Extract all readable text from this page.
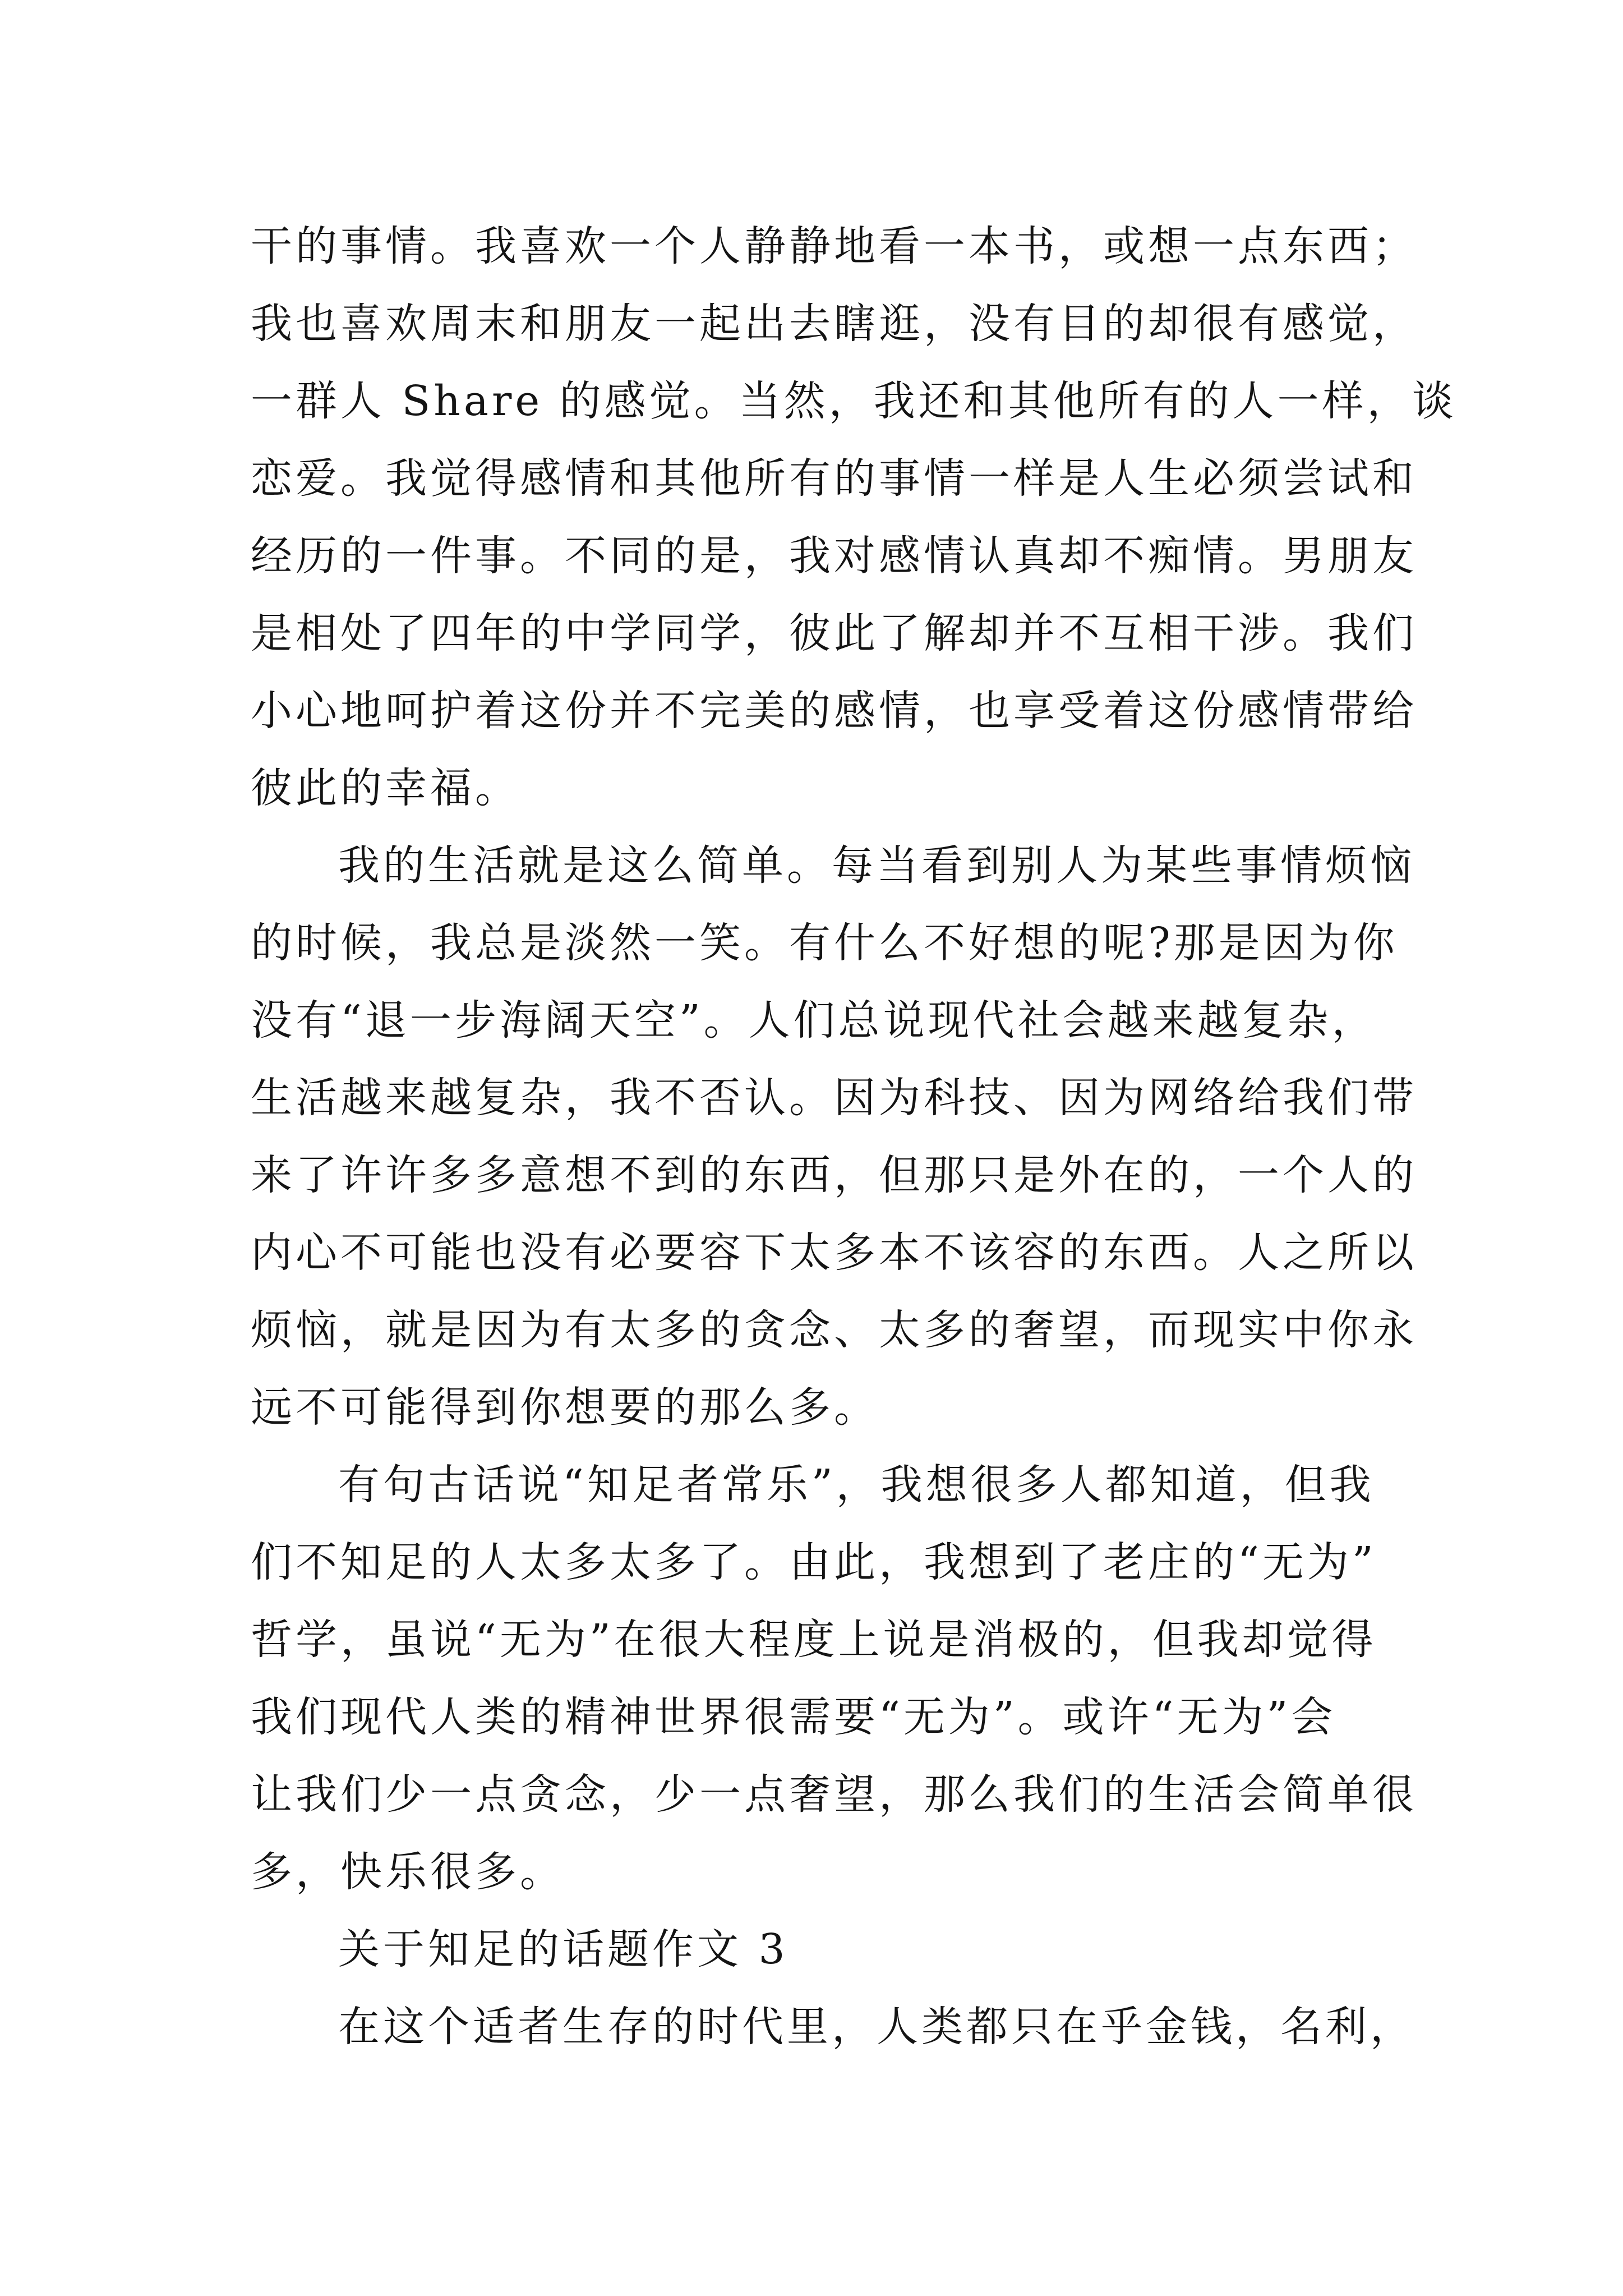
干的事情。我喜欢一个人静静地看一本书，或想一点东西；
我也喜欢周末和朋友一起出去瞎逛，没有目的却很有感觉，
一群人 Share 的感觉。当然，我还和其他所有的人一样，谈
恋爱。我觉得感情和其他所有的事情一样是人生必须尝试和
经历的一件事。不同的是，我对感情认真却不痴情。男朋友
是相处了四年的中学同学，彼此了解却并不互相干涉。我们
小心地呵护着这份并不完美的感情，也享受着这份感情带给
彼此的幸福。
我的生活就是这么简单。每当看到别人为某些事情烦恼
的时候，我总是淡然一笑。有什么不好想的呢?那是因为你
没有“退一步海阔天空”。人们总说现代社会越来越复杂，
生活越来越复杂，我不否认。因为科技、因为网络给我们带
来了许许多多意想不到的东西，但那只是外在的，一个人的
内心不可能也没有必要容下太多本不该容的东西。人之所以
烦恼，就是因为有太多的贪念、太多的奢望，而现实中你永
远不可能得到你想要的那么多。
有句古话说“知足者常乐”，我想很多人都知道，但我
们不知足的人太多太多了。由此，我想到了老庄的“无为”
哲学，虽说“无为”在很大程度上说是消极的，但我却觉得
我们现代人类的精神世界很需要“无为”。或许“无为”会
让我们少一点贪念，少一点奢望，那么我们的生活会简单很
多，快乐很多。
关于知足的话题作文 3
在这个适者生存的时代里，人类都只在乎金钱，名利，
